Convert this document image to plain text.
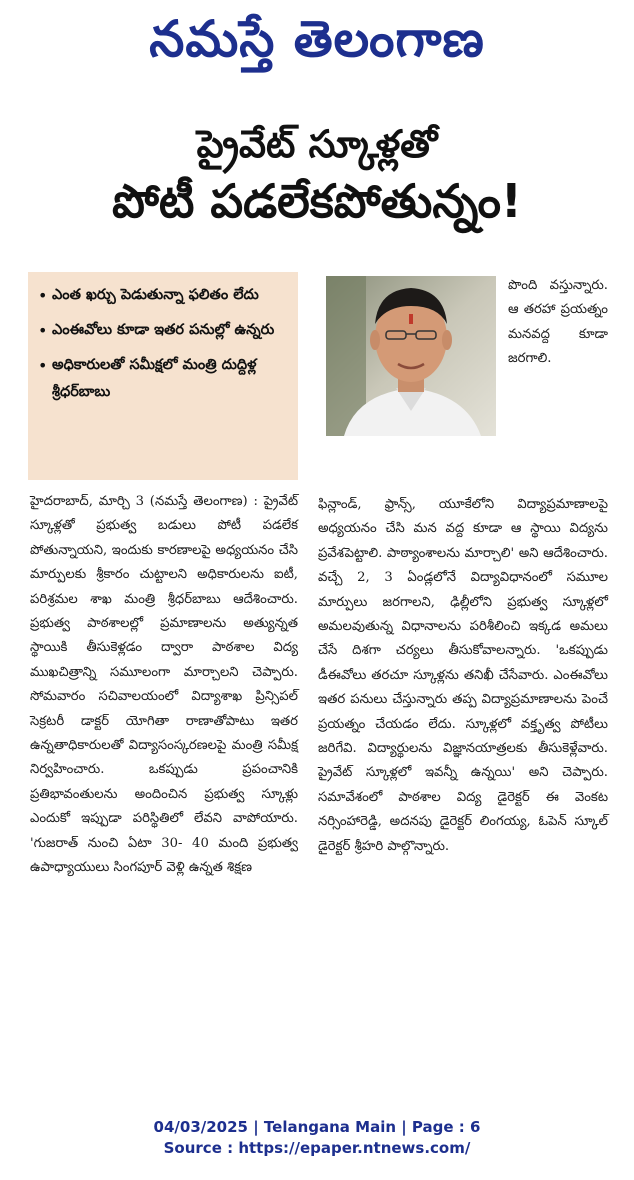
నమస్తే తెలంగాణ
ప్రైవేట్ స్కూళ్లతో
పోటీ పడలేకపోతున్నం!
• ఎంత ఖర్చు పెడుతున్నా ఫలితం లేదు
• ఎంఈవోలు కూడా ఇతర పనుల్లో ఉన్నరు
• అధికారులతో సమీక్షలో మంత్రి దుద్దిళ్ల శ్రీధర్‌బాబు
పొంది వస్తున్నారు. ఆ తరహా ప్రయత్నం మనవద్ద కూడా జరగాలి.
హైదరాబాద్, మార్చి 3 (నమస్తే తెలంగాణ) : ప్రైవేట్ స్కూళ్లతో ప్రభుత్వ బడులు పోటీ పడలేక పోతున్నాయని, ఇందుకు కారణాలపై అధ్యయనం చేసి మార్పులకు శ్రీకారం చుట్టాలని అధికారులను ఐటీ, పరిశ్రమల శాఖ మంత్రి శ్రీధర్‌బాబు ఆదేశించారు. ప్రభుత్వ పాఠశాలల్లో ప్రమాణాలను అత్యున్నత స్థాయికి తీసుకెళ్లడం ద్వారా పాఠశాల విద్య ముఖచిత్రాన్ని సమూలంగా మార్చాలని చెప్పారు. సోమవారం సచివాలయంలో విద్యాశాఖ ప్రిన్సిపల్ సెక్రటరీ డాక్టర్ యోగితా రాణాతోపాటు ఇతర ఉన్నతాధికారులతో విద్యాసంస్కరణలపై మంత్రి సమీక్ష నిర్వహించారు. ఒకప్పుడు ప్రపంచానికి ప్రతిభావంతులను అందించిన ప్రభుత్వ స్కూళ్లు ఎందుకో ఇప్పుడా పరిస్థితిలో లేవని వాపోయారు. 'గుజరాత్ నుంచి ఏటా 30- 40 మంది ప్రభుత్వ ఉపాధ్యాయులు సింగపూర్ వెళ్లి ఉన్నత శిక్షణ
ఫిన్లాండ్, ఫ్రాన్స్, యూకేలోని విద్యాప్రమాణాలపై అధ్యయనం చేసి మన వద్ద కూడా ఆ స్థాయి విద్యను ప్రవేశపెట్టాలి. పాఠ్యాంశాలను మార్చాలి' అని ఆదేశించారు. వచ్చే 2, 3 ఏండ్లలోనే విద్యావిధానంలో సమూల మార్పులు జరగాలని, ఢిల్లీలోని ప్రభుత్వ స్కూళ్లలో అమలవుతున్న విధానాలను పరిశీలించి ఇక్కడ అమలు చేసే దిశగా చర్యలు తీసుకోవాలన్నారు. 'ఒకప్పుడు డీఈవోలు తరచూ స్కూళ్లను తనిఖీ చేసేవారు. ఎంఈవోలు ఇతర పనులు చేస్తున్నారు తప్ప విద్యాప్రమాణాలను పెంచే ప్రయత్నం చేయడం లేదు. స్కూళ్లలో వక్తృత్వ పోటీలు జరిగేవి. విద్యార్థులను విజ్ఞానయాత్రలకు తీసుకెళ్లేవారు. ప్రైవేట్ స్కూళ్లలో ఇవన్నీ ఉన్నయి' అని చెప్పారు. సమావేశంలో పాఠశాల విద్య డైరెక్టర్ ఈ వెంకట నర్సింహారెడ్డి, అదనపు డైరెక్టర్ లింగయ్య, ఓపెన్ స్కూల్ డైరెక్టర్ శ్రీహరి పాల్గొన్నారు.
04/03/2025 | Telangana Main | Page : 6
Source : https://epaper.ntnews.com/
